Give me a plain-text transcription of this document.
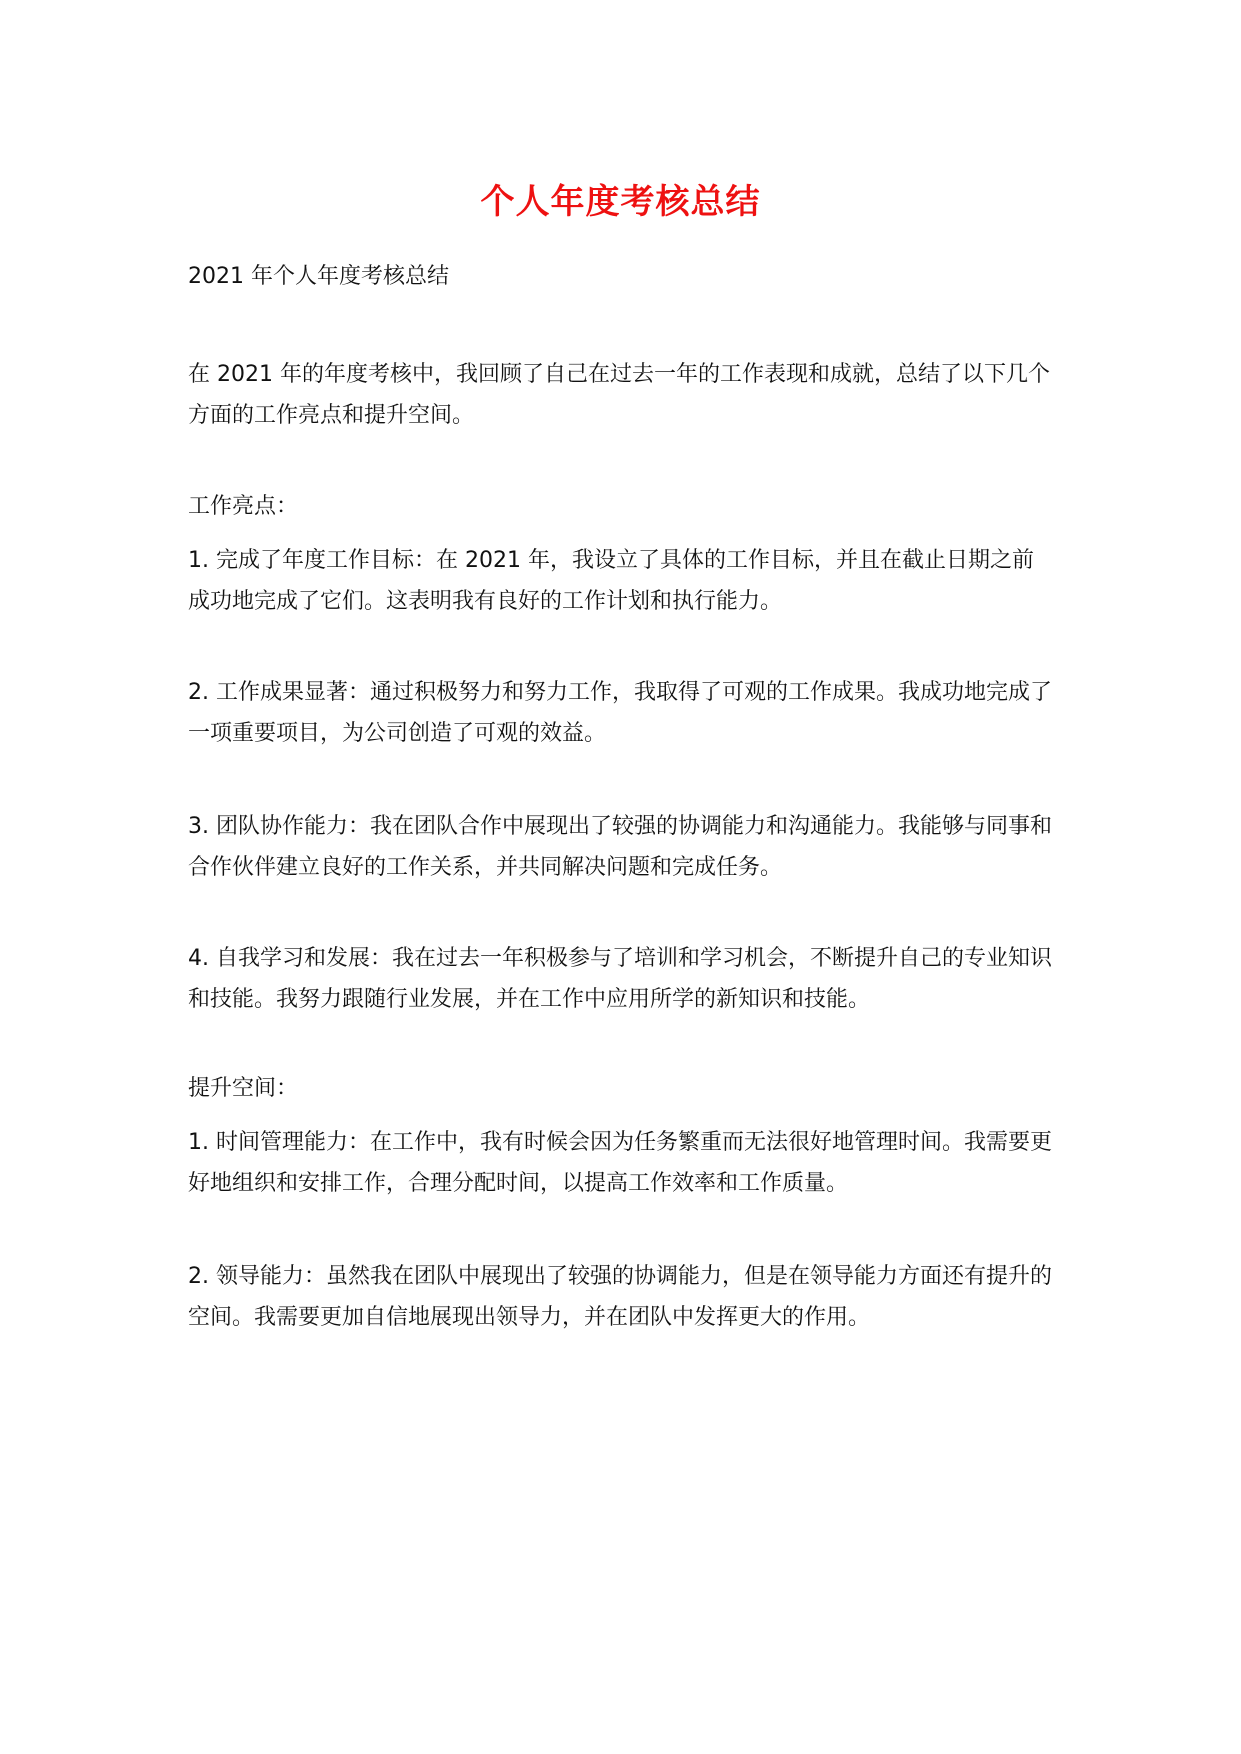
个人年度考核总结

2021 年个人年度考核总结

在 2021 年的年度考核中，我回顾了自己在过去一年的工作表现和成就，总结了以下几个方面的工作亮点和提升空间。

工作亮点：

1. 完成了年度工作目标：在 2021 年，我设立了具体的工作目标，并且在截止日期之前成功地完成了它们。这表明我有良好的工作计划和执行能力。

2. 工作成果显著：通过积极努力和努力工作，我取得了可观的工作成果。我成功地完成了一项重要项目，为公司创造了可观的效益。

3. 团队协作能力：我在团队合作中展现出了较强的协调能力和沟通能力。我能够与同事和合作伙伴建立良好的工作关系，并共同解决问题和完成任务。

4. 自我学习和发展：我在过去一年积极参与了培训和学习机会，不断提升自己的专业知识和技能。我努力跟随行业发展，并在工作中应用所学的新知识和技能。

提升空间：

1. 时间管理能力：在工作中，我有时候会因为任务繁重而无法很好地管理时间。我需要更好地组织和安排工作，合理分配时间，以提高工作效率和工作质量。

2. 领导能力：虽然我在团队中展现出了较强的协调能力，但是在领导能力方面还有提升的空间。我需要更加自信地展现出领导力，并在团队中发挥更大的作用。
